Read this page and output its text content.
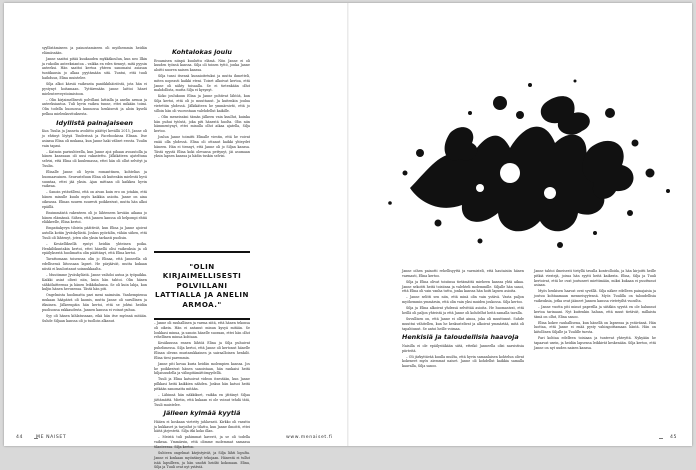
syyllistämiseen ja painostamiseen oli myöhemmin heidän elämässään.

Janne saattoi pitää kuukauden mykkäkoulun, kun neo Ilkin ja rukoilin anteeksiantoa – vaikka en edes tiennyt, mitä pyysin anteeksi. Hän saattoi kertoa yhteen sanomaisi asiasan tuntikausia jo alkaa pyytämään sitä. Tuntui, että tuuli haihduus, Elina muistelee.

Silja alkoi kärsiä vaikeasta paniikkihäiriöstä, jota hän ei pystynyt hoitamaan. Tyttärenään janne laittoi hänet mielenterveystoimistoon.

– Olin kirjaimellisesti polvillani lattialla ja anelin armoa ja anteeksiantoa. Tuli hyvin vaikea tunne, ettei mikään toimi. Olin todella huonossa kunnossa henkisesti ja aloin kyselä pelkoa mielenkuvituksesta.

Idyllistä painajaiseen

Kun Tuulia ja Janneta avoliitto päättyi kevällä 2015, Janne oli jo ehtinyt löytyä Tinderissä ja Facebookissa Elinan. Itse asiassa Elina oli mukana, kun Janne haki väliset erosta. Tuulin vain tapasi.

– Katsoin parisuhteella, kun Janne ajoi pihaan avoautolla ja hänen kanssaan oli uusi rakastettu. Jälkikäteen ajateltuna selvisi, että Elina oli kuulemassa, ettei hän oli ollut selvityt ja Tuulin.

Elinalle Janne oli hyvin romanttinen, kohtelias ja huomaavainen. Seurusteluun Elina oli kuitenkin mielestä hyvä suuntaa, ettei jää yksin. Ajan mittaan oli kaikkea hyvin vaikeaa.

– Sanoin ystävälleni, että on aivan kuin ero on jotakin, että hänen minulle kuulu myös kaikkia asioita. Janne on aina oikeassa. Elinan suuren suuresti poikkesivat, mutta hän alkoi epäillä.

Ensimmäistä rakenteen oli jo lähteneen kevään aikana jo hänen elämänsä. Siihen, että Jannen kanssa oli helpompi ehtiä eläkkeelle, Elina kertoi.

Empatiakyvyn tiloista päättivät, kun Elina ja Janne ajoivat autolla kotiin Jyväskylästä. Joskus pyöräilin, vähän siihen, että Tuuli oli lähtenyt, joten olin yksin tarkasti puolisin.

– Kesäelliksellä syntyi heidän yhteinen poika. Henkilökuntakin kertoi, ettei hänellä olisi vaikeuksia ja oli epäilyksestä huolimatta olin päättänyt, että Elina kertoi.

Tavattomaan toisenssa olin jo Elinaa, että Janneella oli edellisessä liitossaan lapset. He pärjäävät, mutta kukaan niistä ei kuulostanut soinnukkaalta.

– Muutimme Jyväskylästä. Janne vaihdoi autoa ja työpaikka. Kaikki asiat olivat niin, kuin hän tahtoi. Olin hänen sähkölaitteensa ja hänen leikkikalunsa. Se oli kuin lahja, kun kuljin hänen hevosensa. Tästä hän piti.

Ongelmista huolimatta pari meni naimisiin. Vanhempiensa mukaan hääpäivä oli kaunis, mutta Janne oli surullinen ja itkuinen. Jälkeenpäin hän kertoi, että se johtui heidän puolisonsa rakkaudesta. Jannen kanssa ei voinut puhua.

Syy oli hänen kihlatussaan, eikä hän itse myönnä mitään. Suhde Siljaan kanssa oli jo tuolloin alkanut.

Kohtalokas joulu

Eroamisen niinpä kuuluttu elämä. Niin Janne ei oli kuuden työnsä kanssa. Silja oli toinen tyttö, jonka Janne aloitti nuoren naisen kanssa.

Silja tunsi itsensä kunnioitetuksi ja mutta ihmetteli, miten nopeasti kaikki eteni. Toiset alkoivat kertoa, että Janne oli nähty toisaalla. Se ei tietenkään ollut mahdollista, mutta Silja ei kysynyt.

Koko joulukuun Elina ja Janne pohtivat lähtöä, kun Silja kertoi, että oli jo muuttanut. Ja kuitenkin joulua vietettiin yhdessä. Jälkikäteen he ymmärsivät, että jo silloin hän oli vuorostaan valehdellut kaikille.

– Olin meneissäni tämän jälkeen vain kuullut, kuinka hän puhui tytöstä, joka piti hänestä huolta. Olin niin hämmentynyt, ettei minulla ollut aikaa ajatella, Silja kertoo.

Joulun Janne toimitti Elinalle viestin, että he voivat enää olla yhdessä. Elina oli ottanut kaikki yhteydet häneen. Hän ei tiennyt, että Janne oli jo Siljan kanssa. Tästä syystä Elina koki olevansa pettynyt, jäi asumaan yksin lapsen kanssa ja hädin tuskin selvisi.

"OLIN KIRJAIMELLISESTI POLVILLANI LATTIALLA JA ANELIN ARMOA."

– Janne oli rauhallinen ja varma siitä, että hänen tekonsa oli oikein. Hän ei antanut minun kysyä mitään. Se loukkasi minua, ja sanoin hänelle suoraan, ettei hän ollut rehellinen minua kohtaan.

Kesäkuussa ennen lähtöä Elina ja Silja puhuivat puhelimessa. Silja kertoi, että Janne oli kertonut hänelle Elinan olevan mustasukkainen ja sairaalloinen henkilö. Elina tiesi paremmin.

Janne piti kovaa kuria heidän molempien kanssa. Jos he poikkesivat hänen sanoistaan, hän rankaisi heitä hiljaisuudella ja välinpitämättömyydellä.

Tuuli ja Elina katsoivat videon itsestään, kun Janne pilkkasi heitä kaikkien nähden. Joskus hän katsoi heitä pitkään sanomatta mitään.

– Lähinnä hän näkkikset, vaikka en jättänyt Siljaa jättämättä. Mietin, että kukaan ei ole voinut tehdä tätä, Tuuli muistelee.

Jälleen kylmää kyytiä

Hääen ei koskaan vietetty juhlavasti. Kirkko oli varattu ja kukkaset ja tarjoilut jo tilattu, kun Janne ilmoitti, ettei häitä järjestetä. Silja itki koko illan.

– Meistä tuli pahimmat kaverit, ja se oli todella vaikeaa. Ymmärsin, että olimme molemmat samassa tilanteessa. Silja kertoo.

Suhteen ongelmat kärjistyivät, ja Silja lähti lopulta. Janne ei koskaan myöntänyt tekojaan. Hänestä ei tullut isää lapsilleen, ja hän unohti heidät kokonaan. Elina, Silja ja Tuuli ovat nyt ystäviä.

44	ME NAISET	www.menaiset.fi	45

Janne oihen painotti rehellisyyttä ja varmisteli, että hautaisiin hänen varmasti, Elina kertoo.

Silja ja Elina olivat toisiinsa tietämättä mieheen kanssa yhtä aikaa. Janne sekoitti heitä toisiinsa ja valehteli molemmille. Siljalle hän sanoi, että Elina oli vain vanha tuttu, jonka kanssa hän hoiti lapsen asioita.

– Janne selitti sen niin, että minä olin vain ystävä. Vasta paljon myöhemmin ymmärsin, että olin vain yksi muiden joukossa. Silja kertoo.

Silja ja Elina alkoivat yhdessä selvittää asioita. He huomasivat, että heillä oli paljon yhteistä ja että Janne oli kohdellut heitä samalla tavalla.

Suvullisen on, että Janne ei ollut ainoa, joka oli muuttunut. Suhde muuttui vähitellen, kun he keskustelivat ja alkoivat ymmärtää, mitä oli tapahtunut. Se antoi heille voimaa.

Henkisiä ja taloudellisia haavoja

Naisilla ei ole epäilystäkään siitä, etteikö Janneella olisi narsistisia piirteitä.

– Oli järkyttävää kuulla muilta, että hyvin samanlaisen kohtelun olivat kokeneet myös aiemmat naiset. Janne oli kohdellut kaikkia samalla kaavalla, Silja sanoo.

Janne tahtoi ilmeisesti tietyllä tavalla kontrolloida, ja hän kirjoitti heille pitkiä viestejä, joissa hän syytti heitä kaikesta. Elina, Silja ja Tuuli kertoivat, että he ovat joutuneet miettimään, miksi kukaan ei puuttunut asiaan.

Myös henkisen haavat ovat syvällä. Silja näkee edelleen painajaisia ja joutuu kohtaamaan menneisyytensä. Myös Tuulilla on taloudellisia vaikeuksia, jotka ovat jääneet Jannen kanssa vietetyiltä vuosilta.

– Janne vuotta piti minut paperilla ja siitäkin syystä en ole halunnut kertoa tarinaani. Nyt kuitenkin haluan, että muut tietävät, millaista tämä on ollut, Elina sanoo.

Elina kokee rauhallisena, kun hänellä on lapsensa ja ystävänsä. Hän luottaa, että Janne ei enää pysty vahingoittamaan häntä. Hän on kiitollinen Siljalle ja Tuulille tuesta.

Pari kohtaa edelleen toisiaan ja tuntevat yhteyttä. Nykyään he tapaavat usein, ja heidän lapsensa leikkivät keskenään. Silja kertoo, että Janne on nyt uuden naisen kanssa.
